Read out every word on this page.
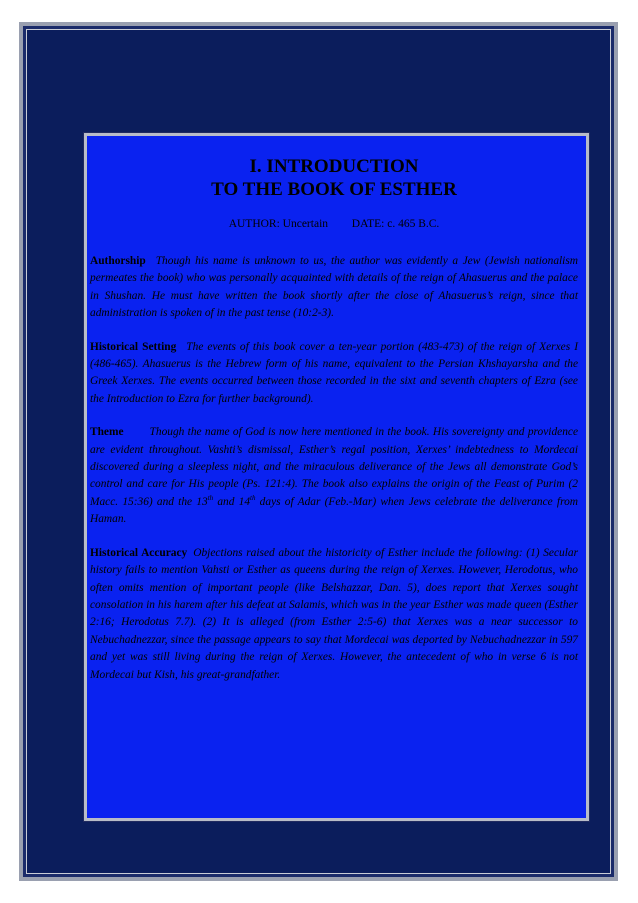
I. INTRODUCTION
TO THE BOOK OF ESTHER
AUTHOR: Uncertain DATE: c. 465 B.C.

Authorship Though his name is unknown to us, the author was evidently a Jew (Jewish nationalism permeates the book) who was personally acquainted with details of the reign of Ahasuerus and the palace in Shushan. He must have written the book shortly after the close of Ahasuerus’s reign, since that administration is spoken of in the past tense (10:2-3).

Historical Setting The events of this book cover a ten-year portion (483-473) of the reign of Xerxes I (486-465). Ahasuerus is the Hebrew form of his name, equivalent to the Persian Khshayarsha and the Greek Xerxes. The events occurred between those recorded in the sixt and seventh chapters of Ezra (see the Introduction to Ezra for further background).

Theme Though the name of God is now here mentioned in the book. His sovereignty and providence are evident throughout. Vashti’s dismissal, Esther’s regal position, Xerxes’ indebtedness to Mordecai discovered during a sleepless night, and the miraculous deliverance of the Jews all demonstrate God’s control and care for His people (Ps. 121:4). The book also explains the origin of the Feast of Purim (2 Macc. 15:36) and the 13th and 14th days of Adar (Feb.-Mar) when Jews celebrate the deliverance from Haman.

Historical Accuracy Objections raised about the historicity of Esther include the following: (1) Secular history fails to mention Vahsti or Esther as queens during the reign of Xerxes. However, Herodotus, who often omits mention of important people (like Belshazzar, Dan. 5), does report that Xerxes sought consolation in his harem after his defeat at Salamis, which was in the year Esther was made queen (Esther 2:16; Herodotus 7.7). (2) It is alleged (from Esther 2:5-6) that Xerxes was a near successor to Nebuchadnezzar, since the passage appears to say that Mordecai was deported by Nebuchadnezzar in 597 and yet was still living during the reign of Xerxes. However, the antecedent of who in verse 6 is not Mordecai but Kish, his great-grandfather.
